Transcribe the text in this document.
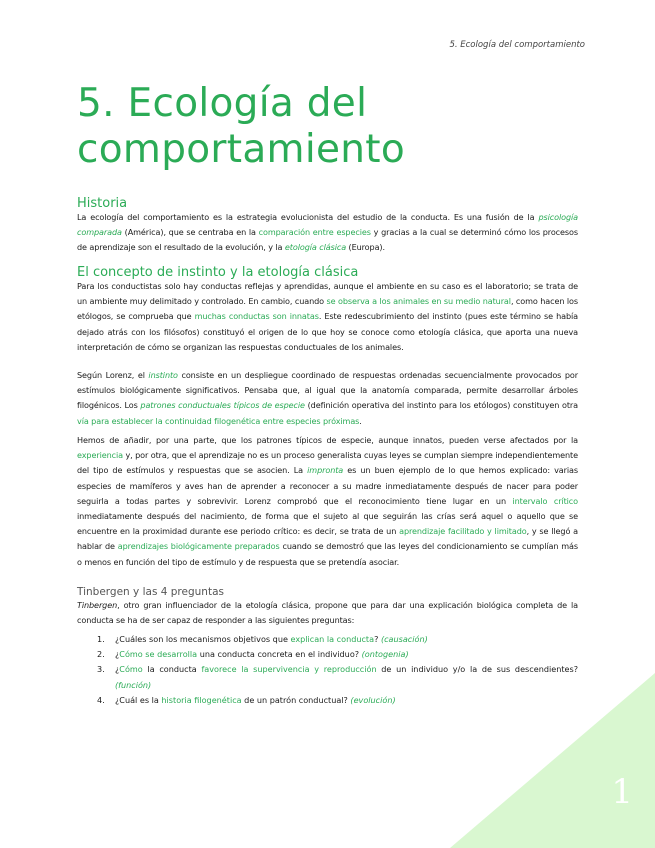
5. Ecología del comportamiento
5. Ecología del comportamiento
Historia

La ecología del comportamiento es la estrategia evolucionista del estudio de la conducta. Es una fusión de la psicología comparada (América), que se centraba en la comparación entre especies y gracias a la cual se determinó cómo los procesos de aprendizaje son el resultado de la evolución, y la etología clásica (Europa).

El concepto de instinto y la etología clásica

Para los conductistas solo hay conductas reflejas y aprendidas, aunque el ambiente en su caso es el laboratorio; se trata de un ambiente muy delimitado y controlado. En cambio, cuando se observa a los animales en su medio natural, como hacen los etólogos, se comprueba que muchas conductas son innatas. Este redescubrimiento del instinto (pues este término se había dejado atrás con los filósofos) constituyó el origen de lo que hoy se conoce como etología clásica, que aporta una nueva interpretación de cómo se organizan las respuestas conductuales de los animales.

Según Lorenz, el instinto consiste en un despliegue coordinado de respuestas ordenadas secuencialmente provocados por estímulos biológicamente significativos. Pensaba que, al igual que la anatomía comparada, permite desarrollar árboles filogénicos. Los patrones conductuales típicos de especie (definición operativa del instinto para los etólogos) constituyen otra vía para establecer la continuidad filogenética entre especies próximas.

Hemos de añadir, por una parte, que los patrones típicos de especie, aunque innatos, pueden verse afectados por la experiencia y, por otra, que el aprendizaje no es un proceso generalista cuyas leyes se cumplan siempre independientemente del tipo de estímulos y respuestas que se asocien. La impronta es un buen ejemplo de lo que hemos explicado: varias especies de mamíferos y aves han de aprender a reconocer a su madre inmediatamente después de nacer para poder seguirla a todas partes y sobrevivir. Lorenz comprobó que el reconocimiento tiene lugar en un intervalo crítico inmediatamente después del nacimiento, de forma que el sujeto al que seguirán las crías será aquel o aquello que se encuentre en la proximidad durante ese periodo crítico: es decir, se trata de un aprendizaje facilitado y limitado, y se llegó a hablar de aprendizajes biológicamente preparados cuando se demostró que las leyes del condicionamiento se cumplían más o menos en función del tipo de estímulo y de respuesta que se pretendía asociar.

Tinbergen y las 4 preguntas

Tinbergen, otro gran influenciador de la etología clásica, propone que para dar una explicación biológica completa de la conducta se ha de ser capaz de responder a las siguientes preguntas:

1. ¿Cuáles son los mecanismos objetivos que explican la conducta? (causación)
2. ¿Cómo se desarrolla una conducta concreta en el individuo? (ontogenia)
3. ¿Cómo la conducta favorece la supervivencia y reproducción de un individuo y/o la de sus descendientes? (función)
4. ¿Cuál es la historia filogenética de un patrón conductual? (evolución)
1
